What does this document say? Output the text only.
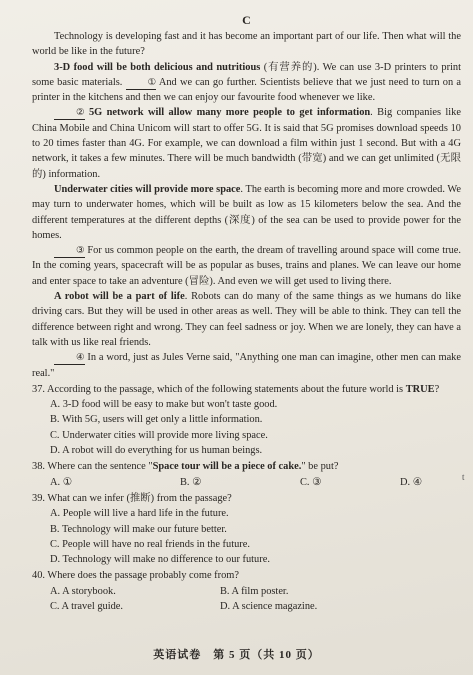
C

Technology is developing fast and it has become an important part of our life. Then what will the world be like in the future?

3-D food will be both delicious and nutritious (有营养的). We can use 3-D printers to print some basic materials.	① And we can go further. Scientists believe that we just need to turn on a printer in the kitchens and then we can enjoy our favourite food whenever we like.

② 5G network will allow many more people to get information. Big companies like China Mobile and China Unicom will start to offer 5G. It is said that 5G promises download speeds 10 to 20 times faster than 4G. For example, we can download a film within just 1 second. But with a 4G network, it takes a few minutes. There will be much bandwidth (带宽) and we can get unlimited (无限的) information.

Underwater cities will provide more space. The earth is becoming more and more crowded. We may turn to underwater homes, which will be built as low as 15 kilometers below the sea. And the different temperatures at the different depths (深度) of the sea can be used to provide power for the homes.

③ For us common people on the earth, the dream of travelling around space will come true. In the coming years, spacecraft will be as popular as buses, trains and planes. We can leave our home and enter space to take an adventure (冒险). And even we will get used to living there.

A robot will be a part of life. Robots can do many of the same things as we humans do like driving cars. But they will be used in other areas as well. They will be able to think. They can tell the difference between right and wrong. They can feel sadness or joy. When we are lonely, they can have a talk with us like real friends.

④ In a word, just as Jules Verne said, "Anything one man can imagine, other men can make real."

37. According to the passage, which of the following statements about the future world is TRUE?
A. 3-D food will be easy to make but won't taste good.
B. With 5G, users will get only a little information.
C. Underwater cities will provide more living space.
D. A robot will do everything for us human beings.
38. Where can the sentence "Space tour will be a piece of cake." be put?
A. ①	B. ②	C. ③	D. ④
39. What can we infer (推断) from the passage?
A. People will live a hard life in the future.
B. Technology will make our future better.
C. People will have no real friends in the future.
D. Technology will make no difference to our future.
40. Where does the passage probably come from?
A. A storybook.	B. A film poster.
C. A travel guide.	D. A science magazine.
英语试卷　第 5 页（共 10 页）
t
